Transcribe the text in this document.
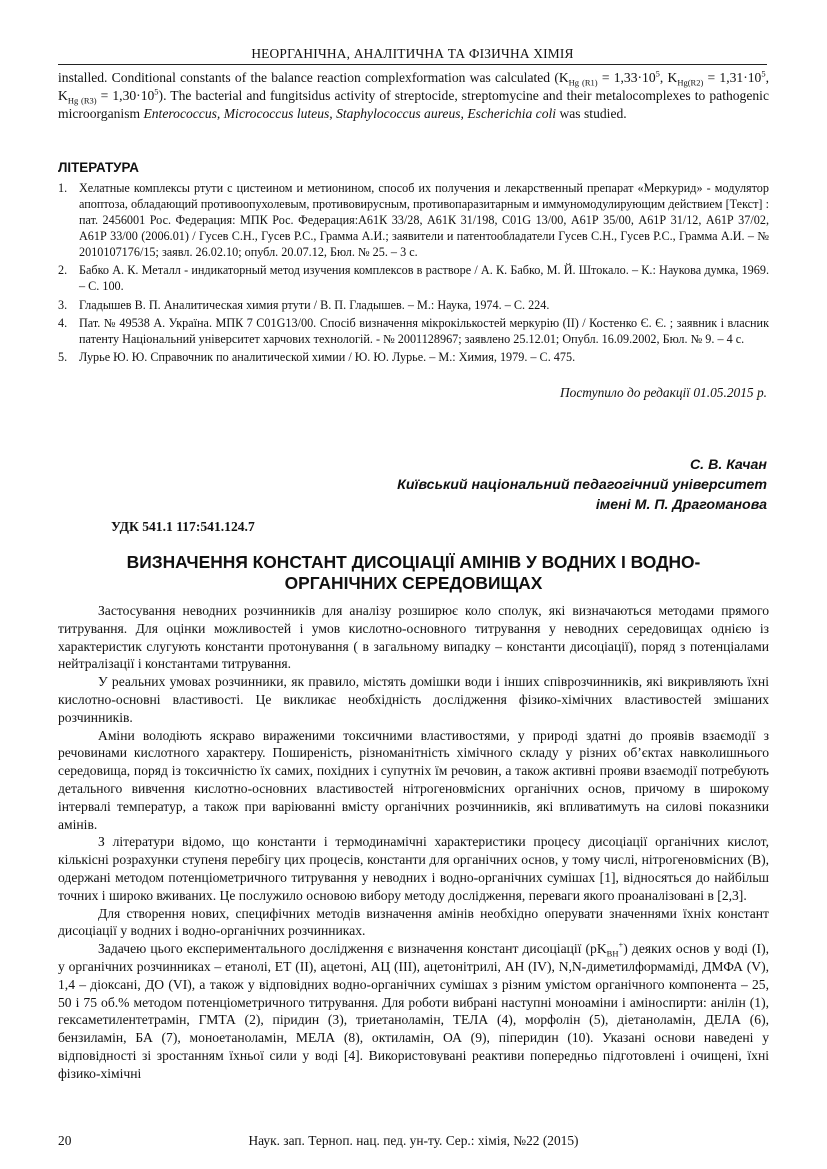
НЕОРГАНІЧНА, АНАЛІТИЧНА ТА ФІЗИЧНА ХІМІЯ
installed. Conditional constants of the balance reaction complexformation was calculated ($K_{Hg (R1)} = 1,33\cdot 10^5$, $K_{Hg(R2)} = 1,31\cdot 10^5$, $K_{Hg (R3)} = 1,30\cdot 10^5$). The bacterial and fungitsidus activity of streptocide, streptomycine and their metalocomplexes to pathogenic microorganism Enterococcus, Micrococcus luteus, Staphylococcus aureus, Escherichia coli was studied.
ЛІТЕРАТУРА
1. Хелатные комплексы ртути с цистеином и метионином, способ их получения и лекарственный препарат «Меркурид» - модулятор апоптоза, обладающий противоопухолевым, противовирусным, противопаразитарным и иммуномодулирующим действием [Текст] : пат. 2456001 Рос. Федерация: МПК Рос. Федерация:А61К 33/28, А61К 31/198, С01G 13/00, А61Р 35/00, А61Р 31/12, А61Р 37/02, А61Р 33/00 (2006.01) / Гусев С.Н., Гусев Р.С., Грамма А.И.; заявители и патентообладатели Гусев С.Н., Гусев Р.С., Грамма А.И. – № 2010107176/15; заявл. 26.02.10; опубл. 20.07.12, Бюл. № 25. – 3 с.
2. Бабко А. К. Металл - индикаторный метод изучения комплексов в растворе / А. К. Бабко, М. Й. Штокало. – К.: Наукова думка, 1969. – С. 100.
3. Гладышев В. П. Аналитическая химия ртути / В. П. Гладышев. – М.: Наука, 1974. – С. 224.
4. Пат. № 49538 А. Україна. МПК 7 С01G13/00. Спосіб визначення мікрокількостей меркурію (ІІ) / Костенко Є. Є. ; заявник і власник патенту Національний університет харчових технологій. - № 2001128967; заявлено 25.12.01; Опубл. 16.09.2002, Бюл. № 9. – 4 с.
5. Лурье Ю. Ю. Справочник по аналитической химии / Ю. Ю. Лурье. – М.: Химия, 1979. – С. 475.
Поступило до редакції 01.05.2015 р.
С. В. Качан
Київський національний педагогічний університет
імені М. П. Драгоманова
УДК 541.1 117:541.124.7
ВИЗНАЧЕННЯ КОНСТАНТ ДИСОЦІАЦІЇ АМІНІВ У ВОДНИХ І ВОДНО-
ОРГАНІЧНИХ СЕРЕДОВИЩАХ

Застосування неводних розчинників для аналізу розширює коло сполук, які визначаються методами прямого титрування. Для оцінки можливостей і умов кислотно-основного титрування у неводних середовищах однією із характеристик слугують константи протонування ( в загальному випадку – константи дисоціації), поряд з потенціалами нейтралізації і константами титрування.

У реальних умовах розчинники, як правило, містять домішки води і інших співрозчинників, які викривляють їхні кислотно-основні властивості. Це викликає необхідність дослідження фізико-хімічних властивостей змішаних розчинників.

Аміни володіють яскраво вираженими токсичними властивостями, у природі здатні до проявів взаємодії з речовинами кислотного характеру. Поширеність, різноманітність хімічного складу у різних об’єктах навколишнього середовища, поряд із токсичністю їх самих, похідних і супутніх їм речовин, а також активні прояви взаємодії потребують детального вивчення кислотно-основних властивостей нітрогеновмісних органічних основ, причому в широкому інтервалі температур, а також при варіюванні вмісту органічних розчинників, які впливатимуть на силові показники амінів.

З літератури відомо, що константи і термодинамічні характеристики процесу дисоціації органічних кислот, кількісні розрахунки ступеня перебігу цих процесів, константи для органічних основ, у тому числі, нітрогеновмісних (В), одержані методом потенціометричного титрування у неводних і водно-органічних сумішах [1], відносяться до найбільш точних і широко вживаних. Це послужило основою вибору методу дослідження, переваги якого проаналізовані в [2,3].

Для створення нових, специфічних методів визначення амінів необхідно оперувати значеннями їхніх констант дисоціації у водних і водно-органічних розчинниках.

Задачею цього експериментального дослідження є визначення констант дисоціації $(pK_{BH}^+)$ деяких основ у воді (I), у органічних розчинниках – етанолі, ЕТ (II), ацетоні, АЦ (III), ацетонітрилі, АН (IV), N,N-диметилформаміді, ДМФА (V), 1,4 – діоксані, ДО (VI), а також у відповідних водно-органічних сумішах з різним умістом органічного компонента – 25, 50 і 75 об.% методом потенціометричного титрування. Для роботи вибрані наступні моноаміни і аміноспирти: анілін (1), гексаметилентетрамін, ГМТА (2), піридин (3), триетаноламін, ТЕЛА (4), морфолін (5), діетаноламін, ДЕЛА (6), бензиламін, БА (7), моноетаноламін, МЕЛА (8), октиламін, ОА (9), піперидин (10). Указані основи наведені у відповідності зі зростанням їхньої сили у воді [4]. Використовувані реактиви попередньо підготовлені і очищені, їхні фізико-хімічні

Наук. зап. Терноп. нац. пед. ун-ту. Сер.: хімія, №22 (2015)
20
